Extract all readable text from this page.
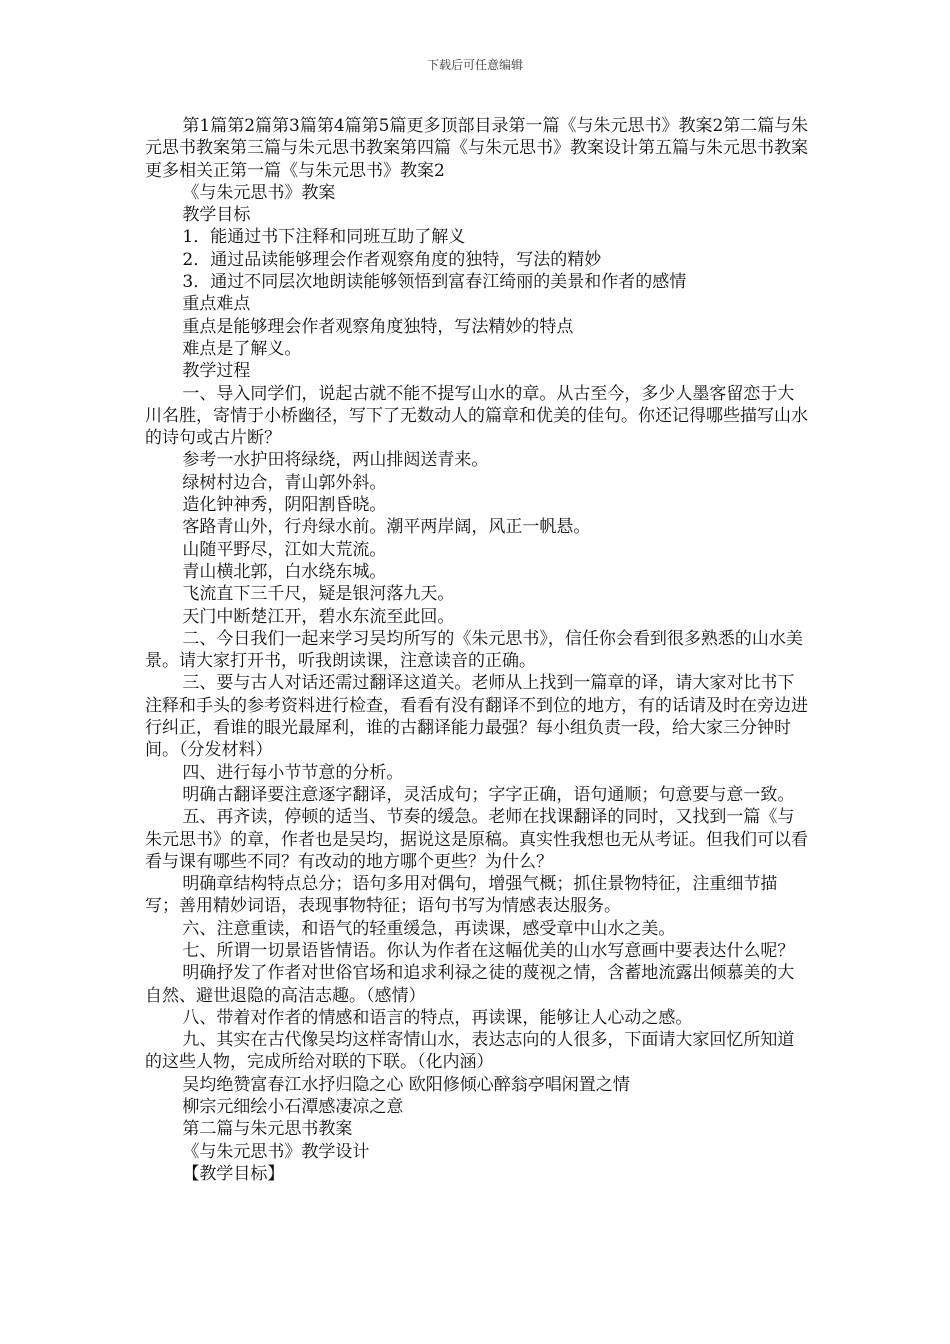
下载后可任意编辑

第1篇第2篇第3篇第4篇第5篇更多顶部目录第一篇《与朱元思书》教案2第二篇与朱元思书教案第三篇与朱元思书教案第四篇《与朱元思书》教案设计第五篇与朱元思书教案更多相关正第一篇《与朱元思书》教案2

《与朱元思书》教案

教学目标

1．能通过书下注释和同班互助了解义

2．通过品读能够理会作者观察角度的独特，写法的精妙

3．通过不同层次地朗读能够领悟到富春江绮丽的美景和作者的感情

重点难点

重点是能够理会作者观察角度独特，写法精妙的特点

难点是了解义。

教学过程

一、导入同学们，说起古就不能不提写山水的章。从古至今，多少人墨客留恋于大川名胜，寄情于小桥幽径，写下了无数动人的篇章和优美的佳句。你还记得哪些描写山水的诗句或古片断？

参考一水护田将绿绕，两山排闼送青来。

绿树村边合，青山郭外斜。

造化钟神秀，阴阳割昏晓。

客路青山外，行舟绿水前。潮平两岸阔，风正一帆悬。

山随平野尽，江如大荒流。

青山横北郭，白水绕东城。

飞流直下三千尺，疑是银河落九天。

天门中断楚江开，碧水东流至此回。

二、今日我们一起来学习吴均所写的《朱元思书》，信任你会看到很多熟悉的山水美景。请大家打开书，听我朗读课，注意读音的正确。

三、要与古人对话还需过翻译这道关。老师从上找到一篇章的译，请大家对比书下注释和手头的参考资料进行检查，看看有没有翻译不到位的地方，有的话请及时在旁边进行纠正，看谁的眼光最犀利，谁的古翻译能力最强？每小组负责一段，给大家三分钟时间。（分发材料）

四、进行每小节节意的分析。

明确古翻译要注意逐字翻译，灵活成句；字字正确，语句通顺；句意要与意一致。

五、再齐读，停顿的适当、节奏的缓急。老师在找课翻译的同时，又找到一篇《与朱元思书》的章，作者也是吴均，据说这是原稿。真实性我想也无从考证。但我们可以看看与课有哪些不同？有改动的地方哪个更些？为什么？

明确章结构特点总分；语句多用对偶句，增强气概；抓住景物特征，注重细节描写；善用精妙词语，表现事物特征；语句书写为情感表达服务。

六、注意重读，和语气的轻重缓急，再读课，感受章中山水之美。

七、所谓一切景语皆情语。你认为作者在这幅优美的山水写意画中要表达什么呢？

明确抒发了作者对世俗官场和追求利禄之徒的蔑视之情，含蓄地流露出倾慕美的大自然、避世退隐的高洁志趣。（感情）

八、带着对作者的情感和语言的特点，再读课，能够让人心动之感。

九、其实在古代像吴均这样寄情山水，表达志向的人很多，下面请大家回忆所知道的这些人物，完成所给对联的下联。（化内涵）

吴均绝赞富春江水抒归隐之心 欧阳修倾心醉翁亭唱闲置之情

柳宗元细绘小石潭感凄凉之意

第二篇与朱元思书教案

《与朱元思书》教学设计

【教学目标】
